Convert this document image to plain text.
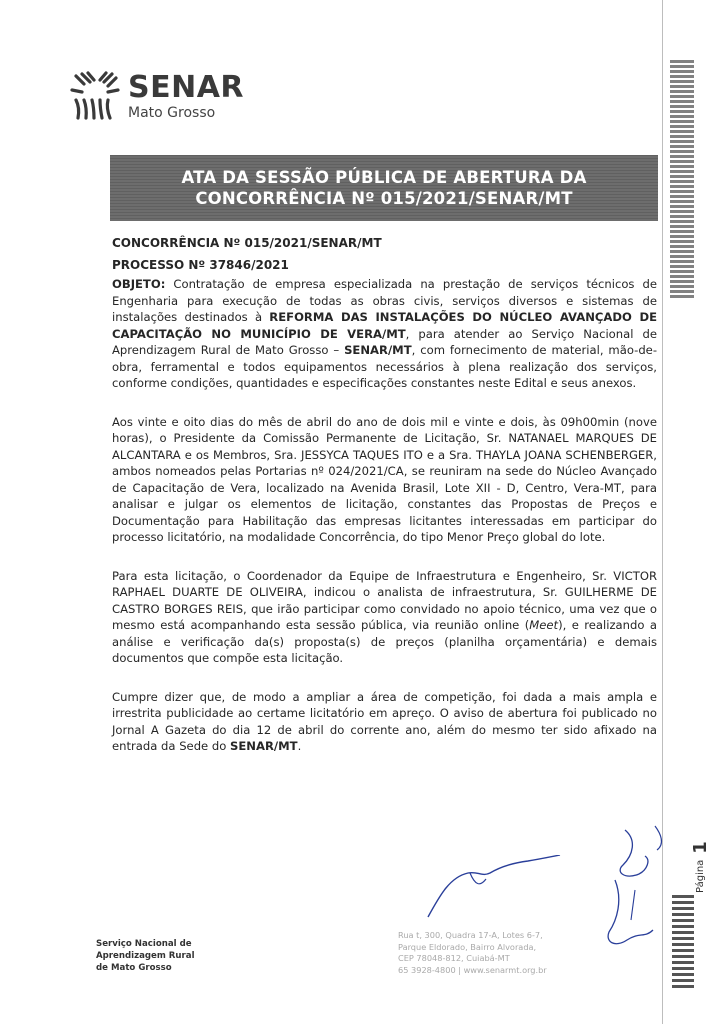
Página
1
SENAR
Mato Grosso
ATA DA SESSÃO PÚBLICA DE ABERTURA DA
CONCORRÊNCIA Nº 015/2021/SENAR/MT
CONCORRÊNCIA Nº 015/2021/SENAR/MT
PROCESSO Nº 37846/2021

OBJETO: Contratação de empresa especializada na prestação de serviços técnicos de Engenharia para execução de todas as obras civis, serviços diversos e sistemas de instalações destinados à REFORMA DAS INSTALAÇÕES DO NÚCLEO AVANÇADO DE CAPACITAÇÃO NO MUNICÍPIO DE VERA/MT, para atender ao Serviço Nacional de Aprendizagem Rural de Mato Grosso – SENAR/MT, com fornecimento de material, mão-de-obra, ferramental e todos equipamentos necessários à plena realização dos serviços, conforme condições, quantidades e especificações constantes neste Edital e seus anexos.

Aos vinte e oito dias do mês de abril do ano de dois mil e vinte e dois, às 09h00min (nove horas), o Presidente da Comissão Permanente de Licitação, Sr. NATANAEL MARQUES DE ALCANTARA e os Membros, Sra. JESSYCA TAQUES ITO e a Sra. THAYLA JOANA SCHENBERGER, ambos nomeados pelas Portarias nº 024/2021/CA, se reuniram na sede do Núcleo Avançado de Capacitação de Vera, localizado na Avenida Brasil, Lote XII - D, Centro, Vera-MT, para analisar e julgar os elementos de licitação, constantes das Propostas de Preços e Documentação para Habilitação das empresas licitantes interessadas em participar do processo licitatório, na modalidade Concorrência, do tipo Menor Preço global do lote.

Para esta licitação, o Coordenador da Equipe de Infraestrutura e Engenheiro, Sr. VICTOR RAPHAEL DUARTE DE OLIVEIRA, indicou o analista de infraestrutura, Sr. GUILHERME DE CASTRO BORGES REIS, que irão participar como convidado no apoio técnico, uma vez que o mesmo está acompanhando esta sessão pública, via reunião online (Meet), e realizando a análise e verificação da(s) proposta(s) de preços (planilha orçamentária) e demais documentos que compõe esta licitação.

Cumpre dizer que, de modo a ampliar a área de competição, foi dada a mais ampla e irrestrita publicidade ao certame licitatório em apreço. O aviso de abertura foi publicado no Jornal A Gazeta do dia 12 de abril do corrente ano, além do mesmo ter sido afixado na entrada da Sede do SENAR/MT.

Serviço Nacional de
Aprendizagem Rural
de Mato Grosso
Rua t, 300, Quadra 17-A, Lotes 6-7,
Parque Eldorado, Bairro Alvorada,
CEP 78048-812, Cuiabá-MT
65 3928-4800 | www.senarmt.org.br
